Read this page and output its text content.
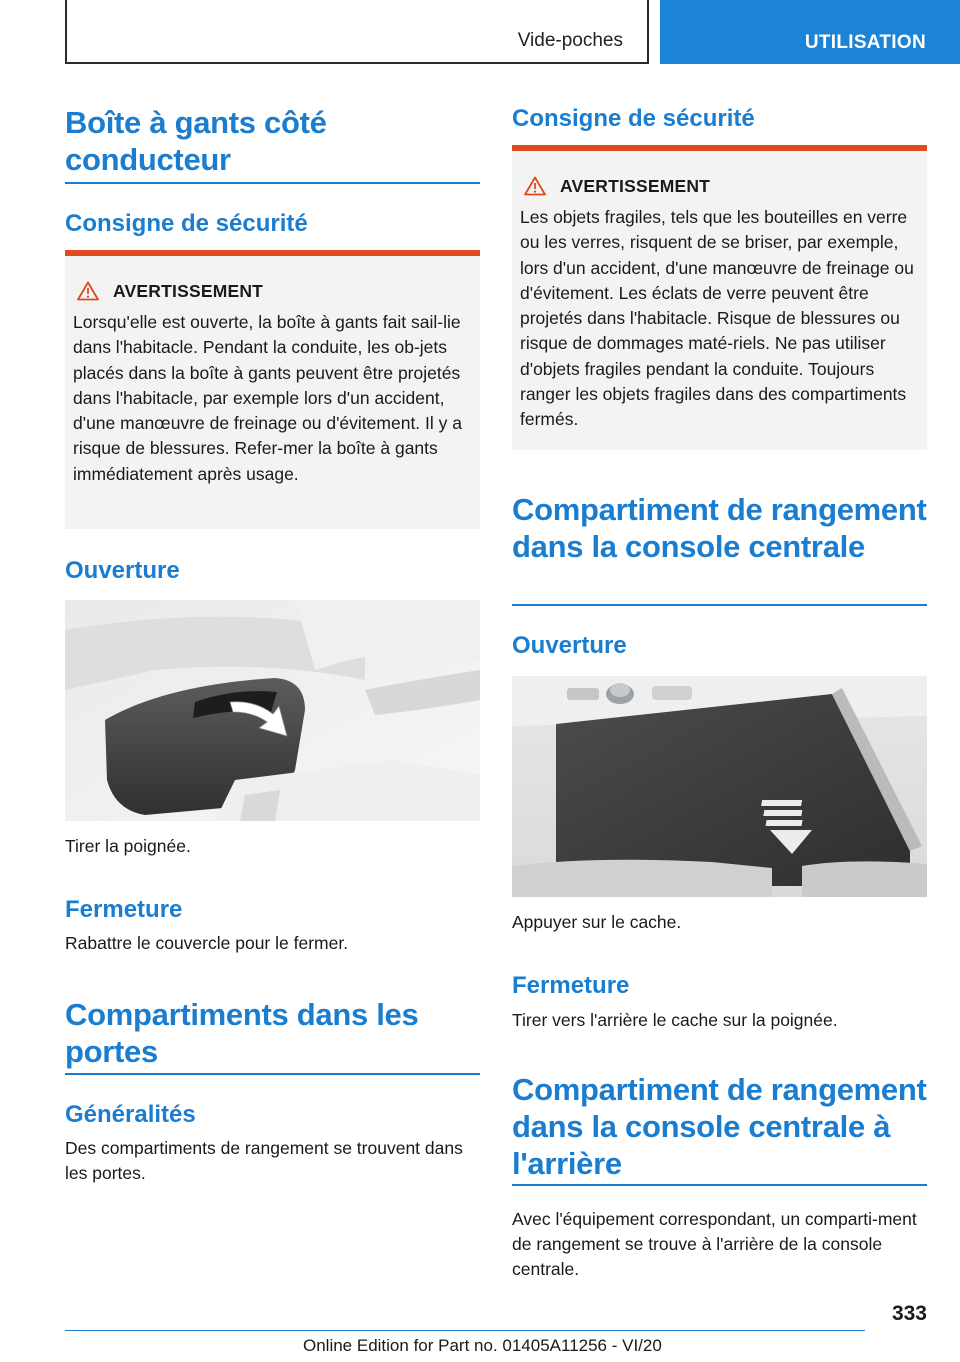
Vide-poches	UTILISATION
Boîte à gants côté conducteur
Consigne de sécurité
AVERTISSEMENT

Lorsqu'elle est ouverte, la boîte à gants fait sail-lie dans l'habitacle. Pendant la conduite, les ob-jets placés dans la boîte à gants peuvent être projetés dans l'habitacle, par exemple lors d'un accident, d'une manœuvre de freinage ou d'évitement. Il y a risque de blessures. Refer-mer la boîte à gants immédiatement après usage.

Ouverture

Tirer la poignée.

Fermeture

Rabattre le couvercle pour le fermer.

Compartiments dans les portes
Généralités

Des compartiments de rangement se trouvent dans les portes.

Consigne de sécurité
AVERTISSEMENT

Les objets fragiles, tels que les bouteilles en verre ou les verres, risquent de se briser, par exemple, lors d'un accident, d'une manœuvre de freinage ou d'évitement. Les éclats de verre peuvent être projetés dans l'habitacle. Risque de blessures ou risque de dommages maté-riels. Ne pas utiliser d'objets fragiles pendant la conduite. Toujours ranger les objets fragiles dans des compartiments fermés.

Compartiment de rangement dans la console centrale
Ouverture

Appuyer sur le cache.

Fermeture

Tirer vers l'arrière le cache sur la poignée.

Compartiment de rangement dans la console centrale à l'arrière

Avec l'équipement correspondant, un comparti-ment de rangement se trouve à l'arrière de la console centrale.

333
Online Edition for Part no. 01405A11256 - VI/20
